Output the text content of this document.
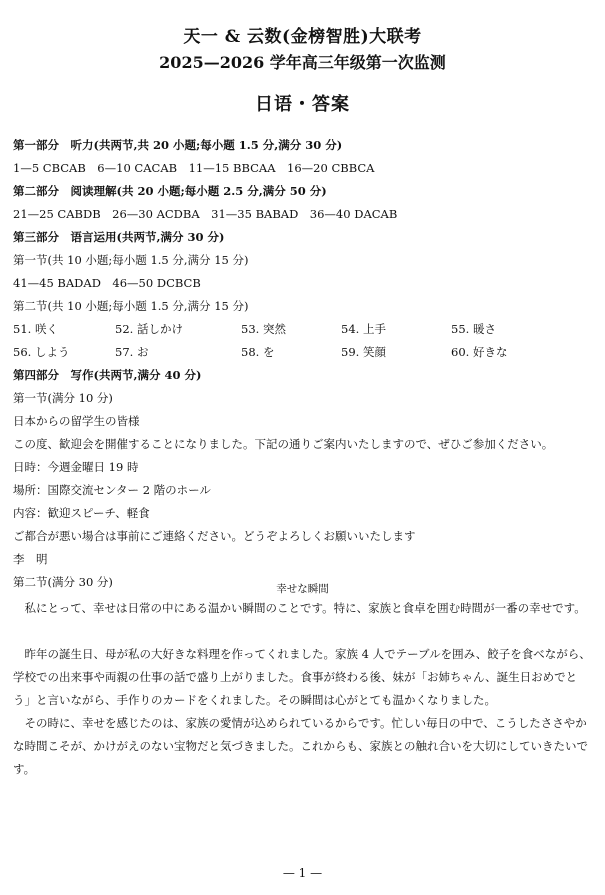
天一 & 云数(金榜智胜)大联考
2025—2026 学年高三年级第一次监测
日语・答案
第一部分　听力(共两节,共 20 小题;每小题 1.5 分,满分 30 分)
1—5 CBCAB　6—10 CACAB　11—15 BBCAA　16—20 CBBCA
第二部分　阅读理解(共 20 小题;每小题 2.5 分,满分 50 分)
21—25 CABDB　26—30 ACDBA　31—35 BABAD　36—40 DACAB
第三部分　语言运用(共两节,满分 30 分)
第一节(共 10 小题;每小题 1.5 分,满分 15 分)
41—45 BADAD　46—50 DCBCB
第二节(共 10 小题;每小题 1.5 分,满分 15 分)
51. 咲く	52. 話しかけ	53. 突然	54. 上手	55. 暖さ
56. しよう	57. お	58. を	59. 笑顔	60. 好きな
第四部分　写作(共两节,满分 40 分)
第一节(满分 10 分)
日本からの留学生の皆様
この度、歓迎会を開催することになりました。下記の通りご案内いたしますので、ぜひご参加ください。
日時：今週金曜日 19 時
場所：国際交流センター 2 階のホール
内容：歓迎スピーチ、軽食
ご都合が悪い場合は事前にご連絡ください。どうぞよろしくお願いいたします
李　明
第二节(满分 30 分)	幸せな瞬間
私にとって、幸せは日常の中にある温かい瞬間のことです。特に、家族と食卓を囲む時間が一番の幸せです。
昨年の誕生日、母が私の大好きな料理を作ってくれました。家族 4 人でテーブルを囲み、餃子を食べながら、学校での出来事や両親の仕事の話で盛り上がりました。食事が終わる後、妹が「お姉ちゃん、誕生日おめでとう」と言いながら、手作りのカードをくれました。その瞬間は心がとても温かくなりました。
その時に、幸せを感じたのは、家族の愛情が込められているからです。忙しい毎日の中で、こうしたささやかな時間こそが、かけがえのない宝物だと気づきました。これからも、家族との触れ合いを大切にしていきたいです。
— 1 —
